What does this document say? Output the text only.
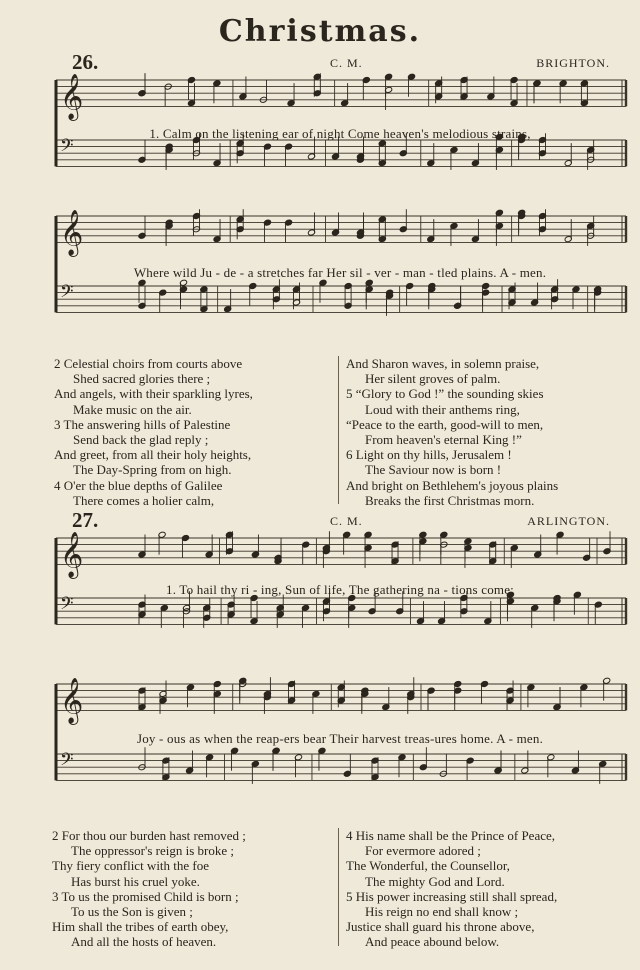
Christmas.
26.	C. M.	BRIGHTON.
𝄞
𝄢
1. Calm on the listening ear of night Come heaven's melodious strains,
𝄞
𝄢
Where wild Ju - de - a stretches far Her sil - ver - man - tled plains. A - men.
2 Celestial choirs from courts above
Shed sacred glories there ;
And angels, with their sparkling lyres,
Make music on the air.
3 The answering hills of Palestine
Send back the glad reply ;
And greet, from all their holy heights,
The Day-Spring from on high.
4 O'er the blue depths of Galilee
There comes a holier calm,
And Sharon waves, in solemn praise,
Her silent groves of palm.
5 “Glory to God !” the sounding skies
Loud with their anthems ring,
“Peace to the earth, good-will to men,
From heaven's eternal King !”
6 Light on thy hills, Jerusalem !
The Saviour now is born !
And bright on Bethlehem's joyous plains
Breaks the first Christmas morn.
27.	C. M.	ARLINGTON.
𝄞
𝄢
1. To hail thy ri - ing, Sun of life, The gathering na - tions come;
𝄞
𝄢
Joy - ous as when the reap-ers bear Their harvest treas-ures home. A - men.
2 For thou our burden hast removed ;
The oppressor's reign is broke ;
Thy fiery conflict with the foe
Has burst his cruel yoke.
3 To us the promised Child is born ;
To us the Son is given ;
Him shall the tribes of earth obey,
And all the hosts of heaven.
4 His name shall be the Prince of Peace,
For evermore adored ;
The Wonderful, the Counsellor,
The mighty God and Lord.
5 His power increasing still shall spread,
His reign no end shall know ;
Justice shall guard his throne above,
And peace abound below.
